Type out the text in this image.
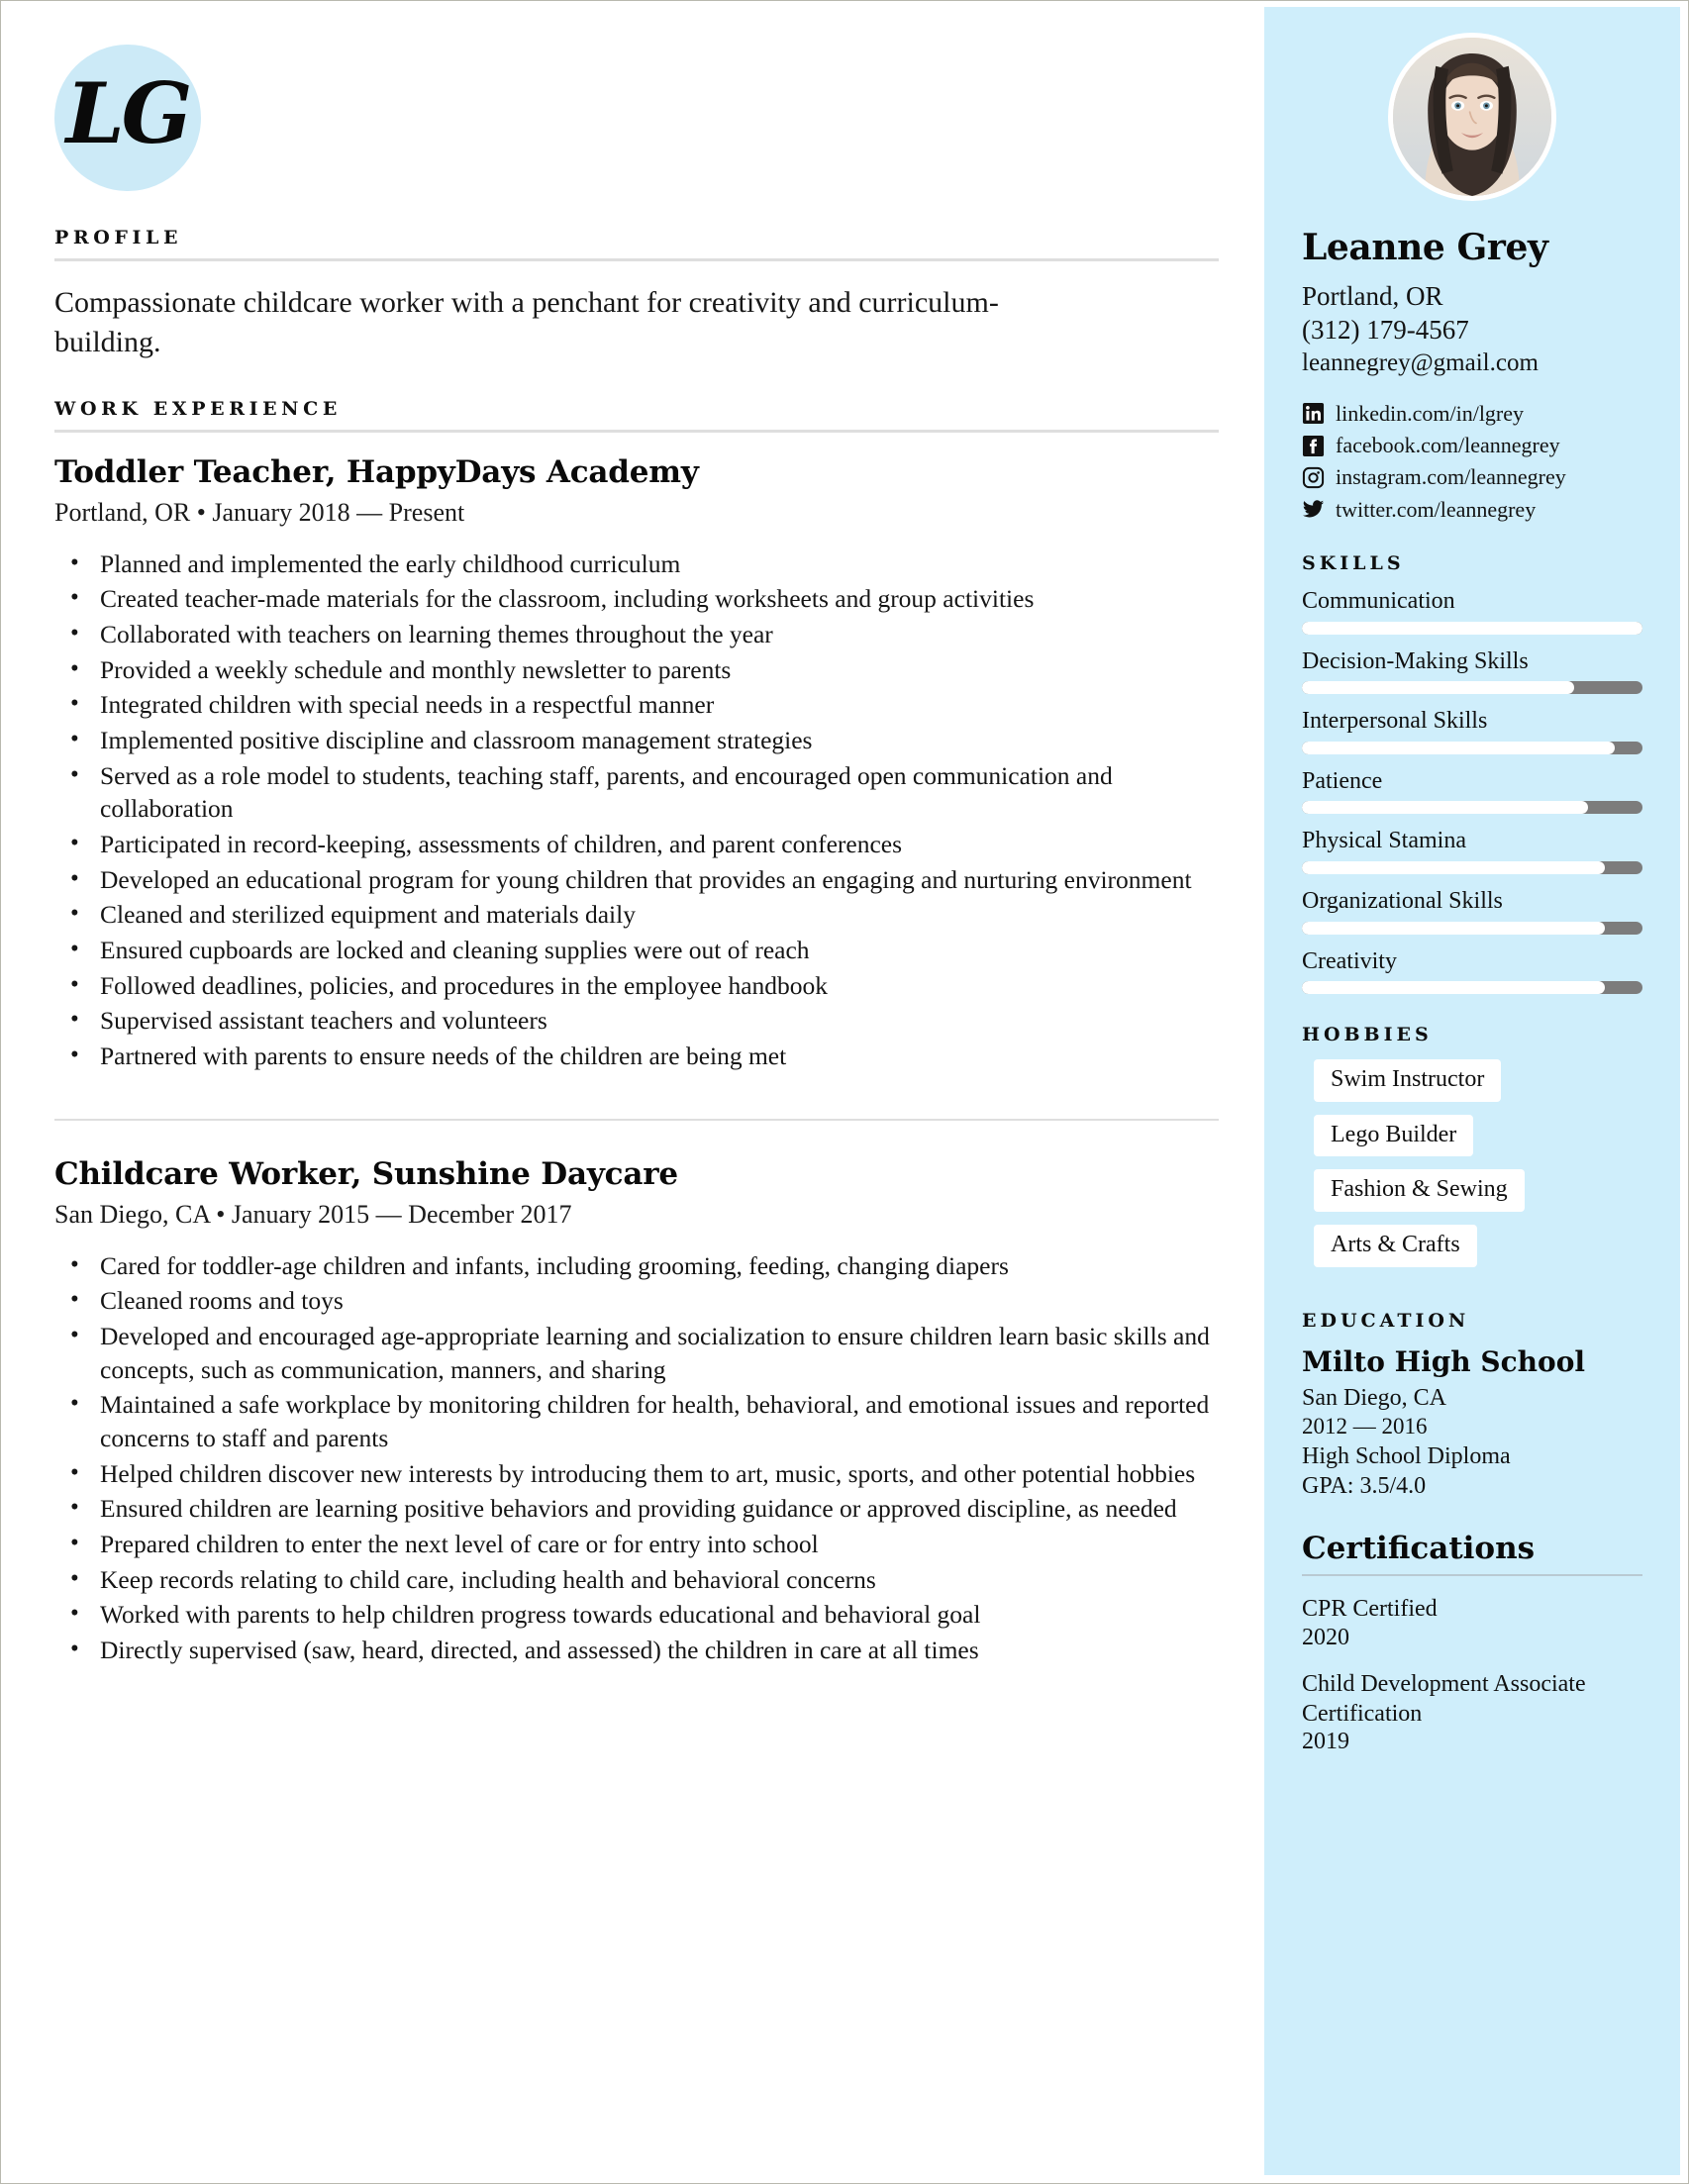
LG
PROFILE

Compassionate childcare worker with a penchant for creativity and curriculum-building.

WORK EXPERIENCE
Toddler Teacher, HappyDays Academy
Portland, OR • January 2018 — Present
• Planned and implemented the early childhood curriculum
• Created teacher-made materials for the classroom, including worksheets and group activities
• Collaborated with teachers on learning themes throughout the year
• Provided a weekly schedule and monthly newsletter to parents
• Integrated children with special needs in a respectful manner
• Implemented positive discipline and classroom management strategies
• Served as a role model to students, teaching staff, parents, and encouraged open communication and collaboration
• Participated in record-keeping, assessments of children, and parent conferences
• Developed an educational program for young children that provides an engaging and nurturing environment
• Cleaned and sterilized equipment and materials daily
• Ensured cupboards are locked and cleaning supplies were out of reach
• Followed deadlines, policies, and procedures in the employee handbook
• Supervised assistant teachers and volunteers
• Partnered with parents to ensure needs of the children are being met
Childcare Worker, Sunshine Daycare
San Diego, CA • January 2015 — December 2017
• Cared for toddler-age children and infants, including grooming, feeding, changing diapers
• Cleaned rooms and toys
• Developed and encouraged age-appropriate learning and socialization to ensure children learn basic skills and concepts, such as communication, manners, and sharing
• Maintained a safe workplace by monitoring children for health, behavioral, and emotional issues and reported concerns to staff and parents
• Helped children discover new interests by introducing them to art, music, sports, and other potential hobbies
• Ensured children are learning positive behaviors and providing guidance or approved discipline, as needed
• Prepared children to enter the next level of care or for entry into school
• Keep records relating to child care, including health and behavioral concerns
• Worked with parents to help children progress towards educational and behavioral goal
• Directly supervised (saw, heard, directed, and assessed) the children in care at all times
Leanne Grey
Portland, OR
(312) 179-4567
leannegrey@gmail.com
linkedin.com/in/lgrey
facebook.com/leannegrey
instagram.com/leannegrey
twitter.com/leannegrey
SKILLS
Communication
Decision-Making Skills
Interpersonal Skills
Patience
Physical Stamina
Organizational Skills
Creativity
HOBBIES
Swim Instructor
Lego Builder
Fashion & Sewing
Arts & Crafts
EDUCATION
Milto High School
San Diego, CA
2012 — 2016
High School Diploma
GPA: 3.5/4.0
Certifications
CPR Certified
2020
Child Development Associate Certification
2019
